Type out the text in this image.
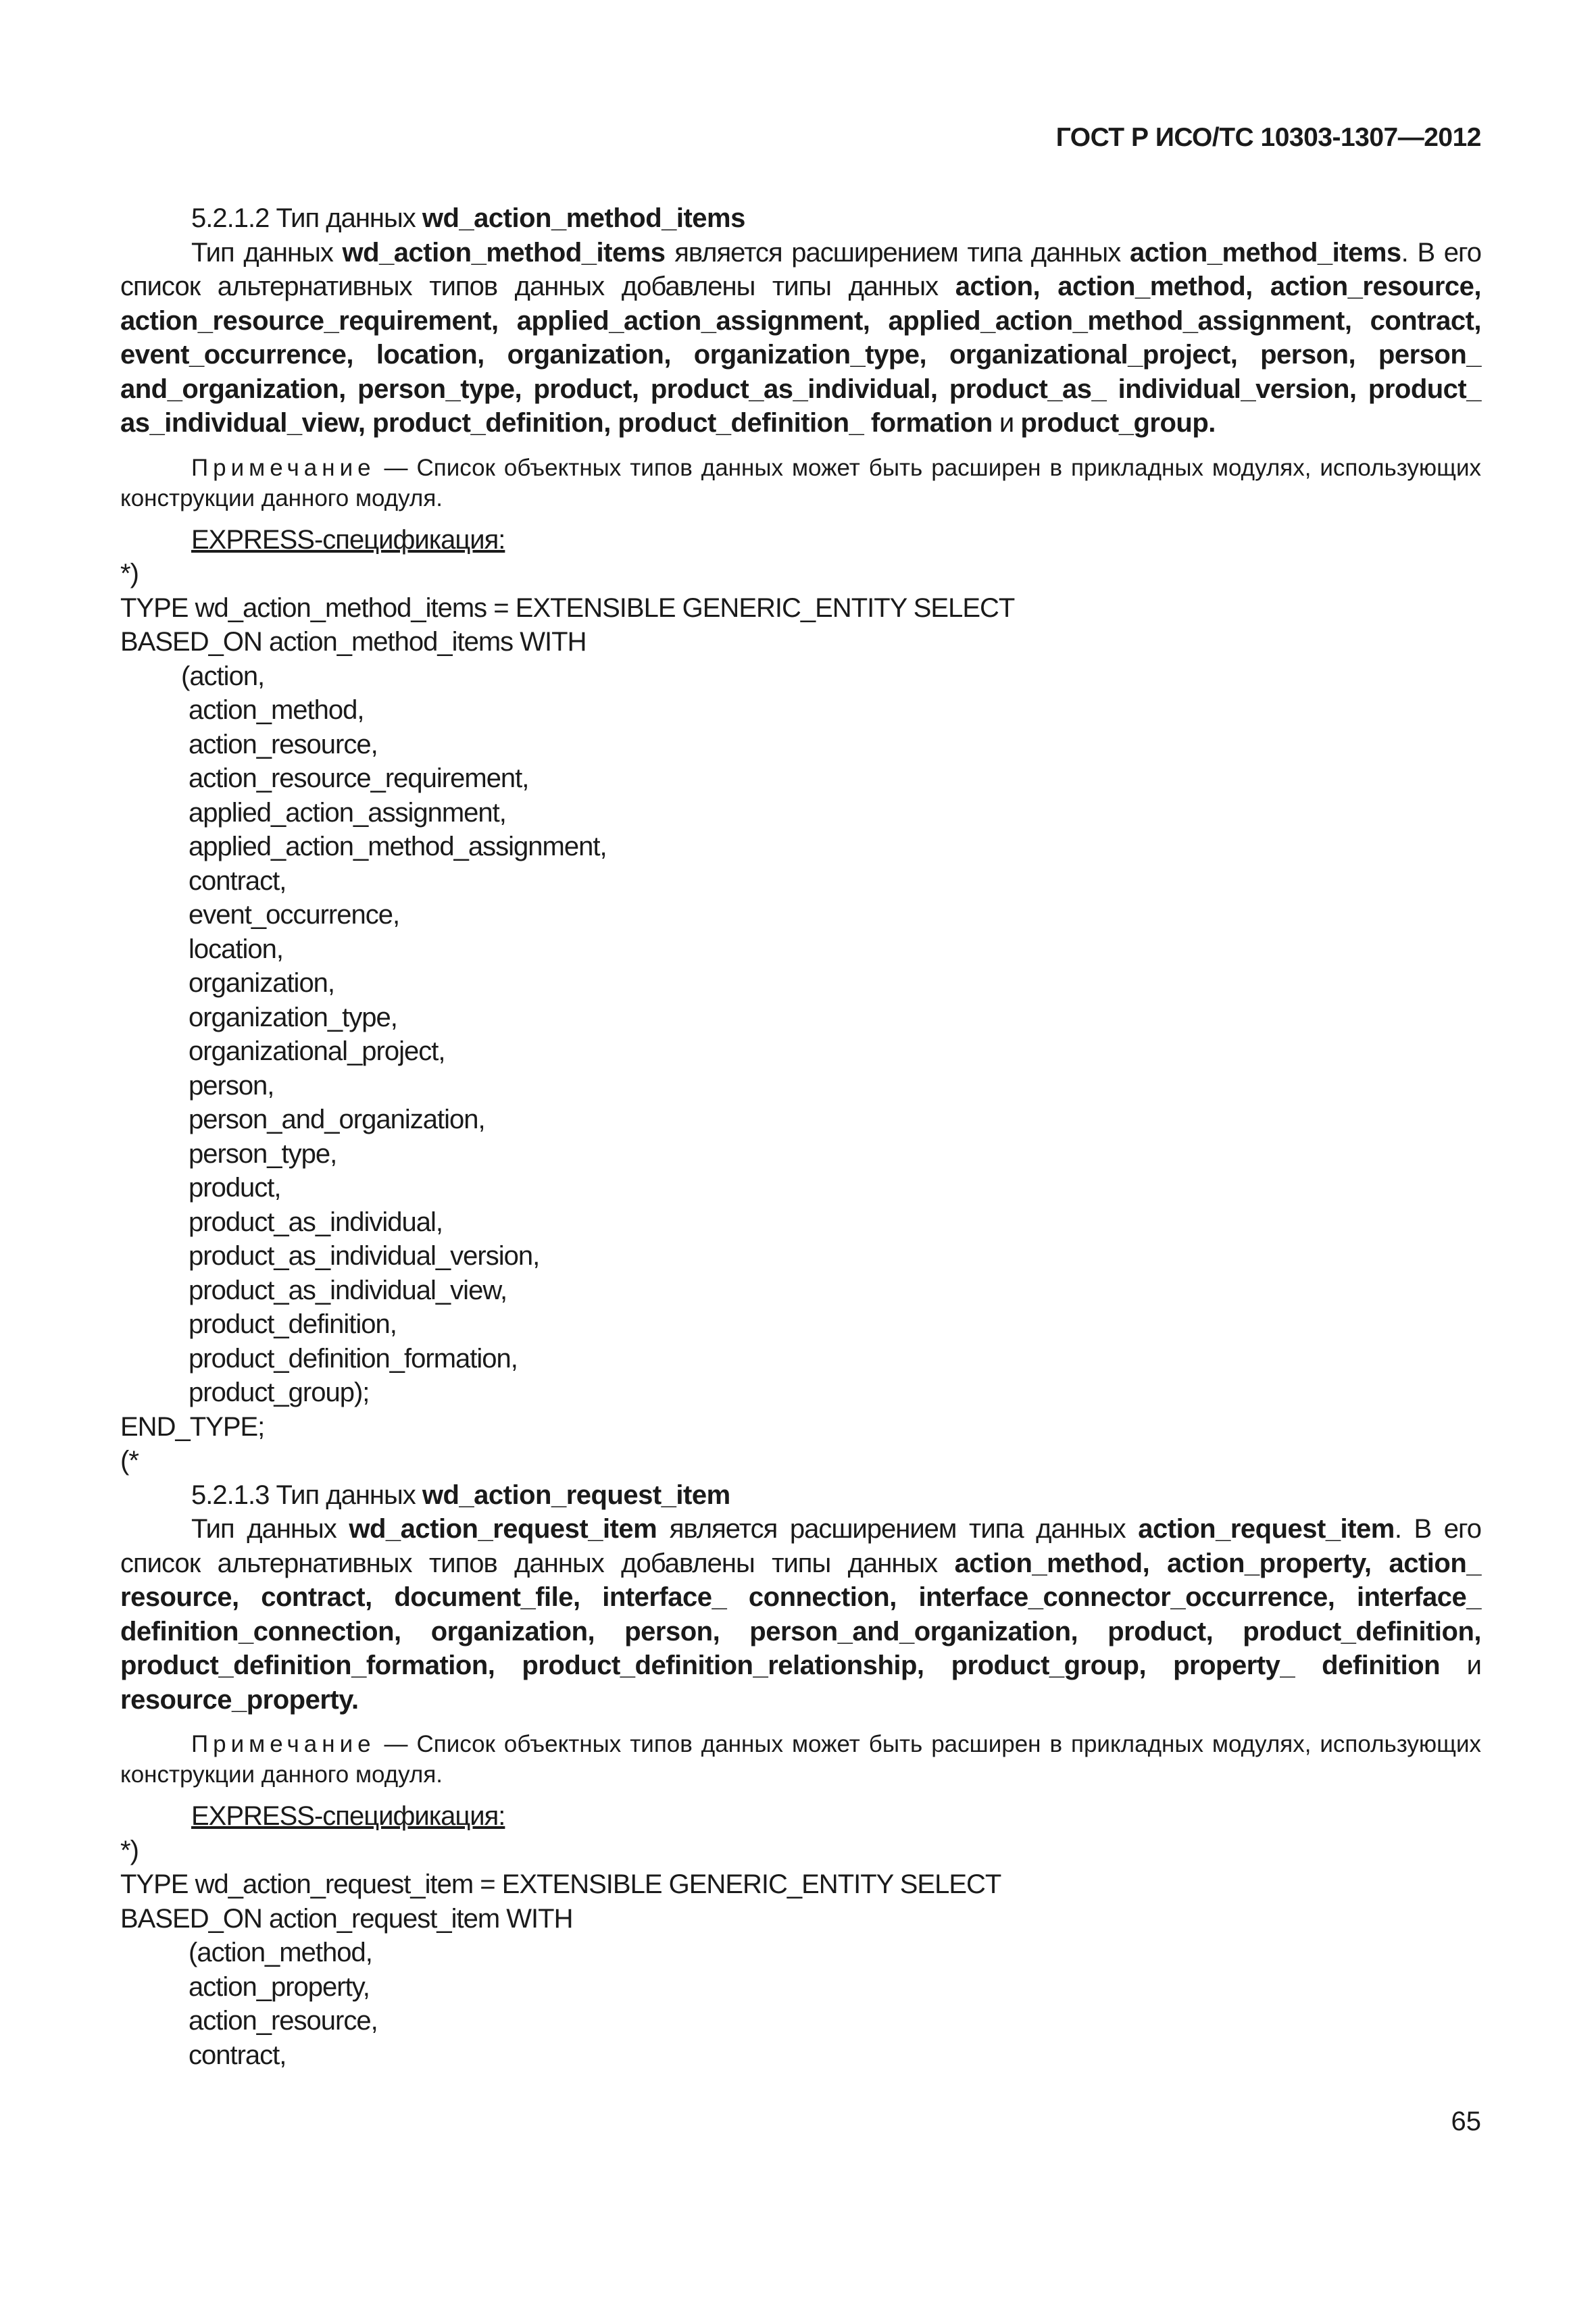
ГОСТ Р ИСО/ТС 10303-1307—2012

5.2.1.2 Тип данных wd_action_method_items

Тип данных wd_action_method_items является расширением типа данных action_method_items. В его список альтернативных типов данных добавлены типы данных action, action_method, action_resource, action_resource_requirement, applied_action_assignment, applied_action_method_assignment, contract, event_occurrence, location, organization, organization_type, organizational_project, person, person_ and_organization, person_type, product, product_as_individual, product_as_ individual_version, product_ as_individual_view, product_definition, product_definition_ formation и product_group.

Примечание — Список объектных типов данных может быть расширен в прикладных модулях, использующих конструкции данного модуля.

EXPRESS-спецификация:

*)

TYPE wd_action_method_items = EXTENSIBLE GENERIC_ENTITY SELECT

BASED_ON action_method_items WITH

(action,

action_method,

action_resource,

action_resource_requirement,

applied_action_assignment,

applied_action_method_assignment,

contract,

event_occurrence,

location,

organization,

organization_type,

organizational_project,

person,

person_and_organization,

person_type,

product,

product_as_individual,

product_as_individual_version,

product_as_individual_view,

product_definition,

product_definition_formation,

product_group);

END_TYPE;

(*

5.2.1.3 Тип данных wd_action_request_item

Тип данных wd_action_request_item является расширением типа данных action_request_item. В его список альтернативных типов данных добавлены типы данных action_method, action_property, action_ resource, contract, document_file, interface_ connection, interface_connector_occurrence, interface_ definition_connection, organization, person, person_and_organization, product, product_definition, product_definition_formation, product_definition_relationship, product_group, property_ definition и resource_property.

Примечание — Список объектных типов данных может быть расширен в прикладных модулях, использующих конструкции данного модуля.

EXPRESS-спецификация:

*)

TYPE wd_action_request_item = EXTENSIBLE GENERIC_ENTITY SELECT

BASED_ON action_request_item WITH

(action_method,

action_property,

action_resource,

contract,

65
